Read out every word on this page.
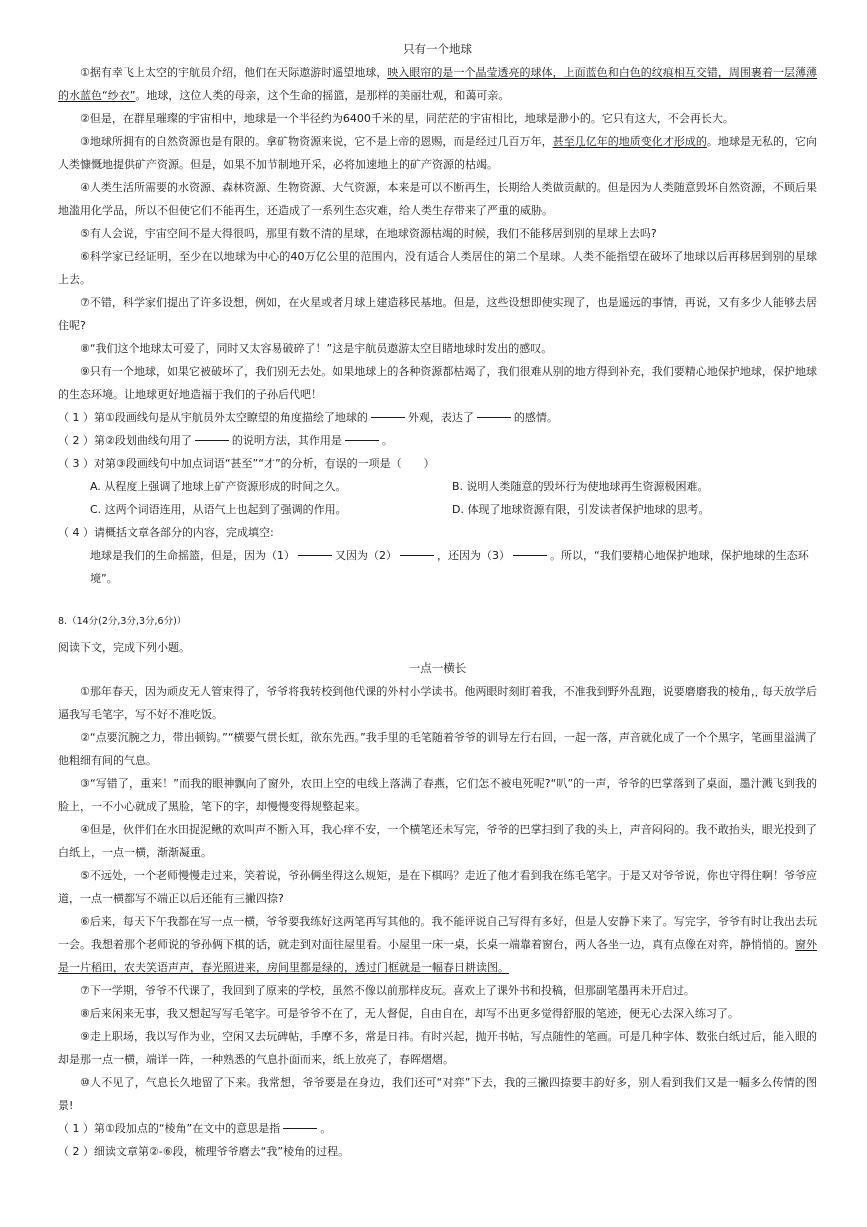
只有一个地球

①据有幸飞上太空的宇航员介绍，他们在天际遨游时遥望地球，映入眼帘的是一个晶莹透亮的球体，上面蓝色和白色的纹痕相互交错，周围裹着一层薄薄的水蓝色“纱衣”。地球，这位人类的母亲，这个生命的摇篮，是那样的美丽壮观，和蔼可亲。

②但是，在群星璀璨的宇宙相中，地球是一个半径约为6400千米的星，同茫茫的宇宙相比，地球是渺小的。它只有这大，不会再长大。

③地球所拥有的自然资源也是有限的。拿矿物资源来说，它不是上帝的恩赐，而是经过几百万年，甚至几亿年的地质变化才形成的。地球是无私的，它向人类慷慨地提供矿产资源。但是，如果不加节制地开采，必将加速地上的矿产资源的枯竭。

④人类生活所需要的水资源、森林资源、生物资源、大气资源，本来是可以不断再生，长期给人类做贡献的。但是因为人类随意毁坏自然资源，不顾后果地滥用化学品，所以不但使它们不能再生，还造成了一系列生态灾难，给人类生存带来了严重的威胁。

⑤有人会说，宇宙空间不是大得很吗，那里有数不清的星球，在地球资源枯竭的时候，我们不能移居到别的星球上去吗?

⑥科学家已经证明，至少在以地球为中心的40万亿公里的范围内，没有适合人类居住的第二个星球。人类不能指望在破坏了地球以后再移居到别的星球上去。

⑦不错，科学家们提出了许多设想，例如，在火星或者月球上建造移民基地。但是，这些设想即使实现了，也是遥远的事情，再说，又有多少人能够去居住呢?

⑧“我们这个地球太可爱了，同时又太容易破碎了！”这是宇航员遨游太空目睹地球时发出的感叹。

⑨只有一个地球，如果它被破坏了，我们别无去处。如果地球上的各种资源都枯竭了，我们很难从别的地方得到补充，我们要精心地保护地球，保护地球的生态环境。让地球更好地造福于我们的子孙后代吧！

（ 1 ）第①段画线句是从宇航员外太空瞭望的角度描绘了地球的	外观，表达了	的感情。

（ 2 ）第②段划曲线句用了	的说明方法，其作用是	。

（ 3 ）对第③段画线句中加点词语“甚至”“才”的分析，有误的一项是（　　）

A. 从程度上强调了地球上矿产资源形成的时间之久。	B. 说明人类随意的毁坏行为使地球再生资源极困难。
C. 这两个词语连用，从语气上也起到了强调的作用。	D. 体现了地球资源有限，引发读者保护地球的思考。

（ 4 ）请概括文章各部分的内容，完成填空:

地球是我们的生命摇篮，但是，因为（1）	又因为（2）	，还因为（3）	。所以，“我们要精心地保护地球，保护地球的生态环境”。

8.（14分(2分,3分,3分,6分)）

阅读下文，完成下列小题。

一点一横长

①那年春天，因为顽皮无人管束得了，爷爷将我转校到他代课的外村小学读书。他两眼时刻盯着我，不准我到野外乱跑，说要磨磨我的棱角，每天放学后逼我写毛笔字，写不好不准吃饭。

②“点要沉腕之力，带出顿钩。”“横要气贯长虹，欲东先西。”我手里的毛笔随着爷爷的训导左行右回，一起一落，声音就化成了一个个黑字，笔画里溢满了他粗细有间的气息。

③“写错了，重来！”而我的眼神飘向了窗外，农田上空的电线上落满了春燕，它们怎不被电死呢?“叭”的一声，爷爷的巴掌落到了桌面，墨汁溅飞到我的脸上，一不小心就成了黑脸，笔下的字，却慢慢变得规整起来。

④但是，伙伴们在水田捉泥鳅的欢叫声不断入耳，我心痒不安，一个横笔还未写完，爷爷的巴掌扫到了我的头上，声音闷闷的。我不敢抬头，眼光投到了白纸上，一点一横，渐渐凝重。

⑤不远处，一个老师慢慢走过来，笑着说，爷孙俩坐得这么规矩，是在下棋吗？走近了他才看到我在练毛笔字。于是又对爷爷说，你也守得住啊！爷爷应道，一点一横都写不端正以后还能有三撇四捺?

⑥后来，每天下午我都在写一点一横，爷爷要我练好这两笔再写其他的。我不能评说自己写得有多好，但是人安静下来了。写完字，爷爷有时让我出去玩一会。我想着那个老师说的爷孙俩下棋的话，就走到对面往屋里看。小屋里一床一桌，长桌一端靠着窗台，两人各坐一边，真有点像在对弈，静悄悄的。窗外是一片稻田，农夫笑语声声，春光照进来，房间里都是绿的，透过门框就是一幅春日耕读图。

⑦下一学期，爷爷不代课了，我回到了原来的学校，虽然不像以前那样皮玩。喜欢上了课外书和投稿，但那副笔墨再未开启过。

⑧后来闲来无事，我又想起写写毛笔字。可是爷爷不在了，无人督促，自由自在，却写不出更多觉得舒服的笔迹，便无心去深入练习了。

⑨走上职场，我以写作为业，空闲又去玩碑帖，手摩不多，常是日祎。有时兴起，抛开书帖，写点随性的笔画。可是几种字体、数张白纸过后，能入眼的却是那一点一横，端详一阵，一种熟悉的气息扑面而来，纸上放亮了，春晖熠熠。

⑩人不见了，气息长久地留了下来。我常想，爷爷要是在身边，我们还可“对弈”下去，我的三撇四捺要丰韵好多，别人看到我们又是一幅多么传情的图景!

（ 1 ）第①段加点的“棱角”在文中的意思是指	。

（ 2 ）细读文章第②-⑥段，梳理爷爷磨去“我”棱角的过程。
